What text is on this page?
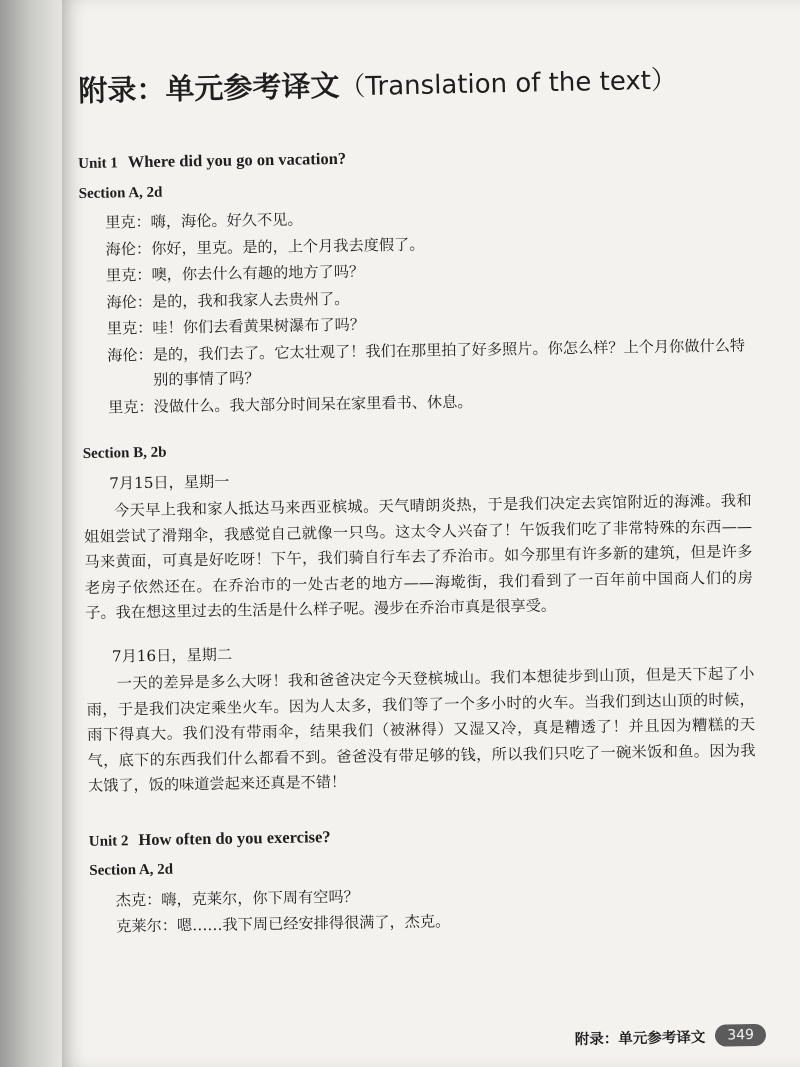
附录：单元参考译文（Translation of the text）
Unit 1 Where did you go on vacation?
Section A, 2d
里克： 嗨，海伦。好久不见。
海伦： 你好，里克。是的，上个月我去度假了。
里克： 噢，你去什么有趣的地方了吗？
海伦： 是的，我和我家人去贵州了。
里克： 哇！你们去看黄果树瀑布了吗？
海伦： 是的，我们去了。它太壮观了！我们在那里拍了好多照片。你怎么样？上个月你做什么特别的事情了吗？
里克： 没做什么。我大部分时间呆在家里看书、休息。
Section B, 2b
7月15日，星期一

今天早上我和家人抵达马来西亚槟城。天气晴朗炎热，于是我们决定去宾馆附近的海滩。我和姐姐尝试了滑翔伞，我感觉自己就像一只鸟。这太令人兴奋了！午饭我们吃了非常特殊的东西——马来黄面，可真是好吃呀！下午，我们骑自行车去了乔治市。如今那里有许多新的建筑，但是许多老房子依然还在。在乔治市的一处古老的地方——海墘街，我们看到了一百年前中国商人们的房子。我在想这里过去的生活是什么样子呢。漫步在乔治市真是很享受。

7月16日，星期二

一天的差异是多么大呀！我和爸爸决定今天登槟城山。我们本想徒步到山顶，但是天下起了小雨，于是我们决定乘坐火车。因为人太多，我们等了一个多小时的火车。当我们到达山顶的时候，雨下得真大。我们没有带雨伞，结果我们（被淋得）又湿又冷，真是糟透了！并且因为糟糕的天气，底下的东西我们什么都看不到。爸爸没有带足够的钱，所以我们只吃了一碗米饭和鱼。因为我太饿了，饭的味道尝起来还真是不错！

Unit 2 How often do you exercise?
Section A, 2d
杰克： 嗨，克莱尔，你下周有空吗？
克莱尔： 嗯……我下周已经安排得很满了，杰克。
附录：单元参考译文	349
